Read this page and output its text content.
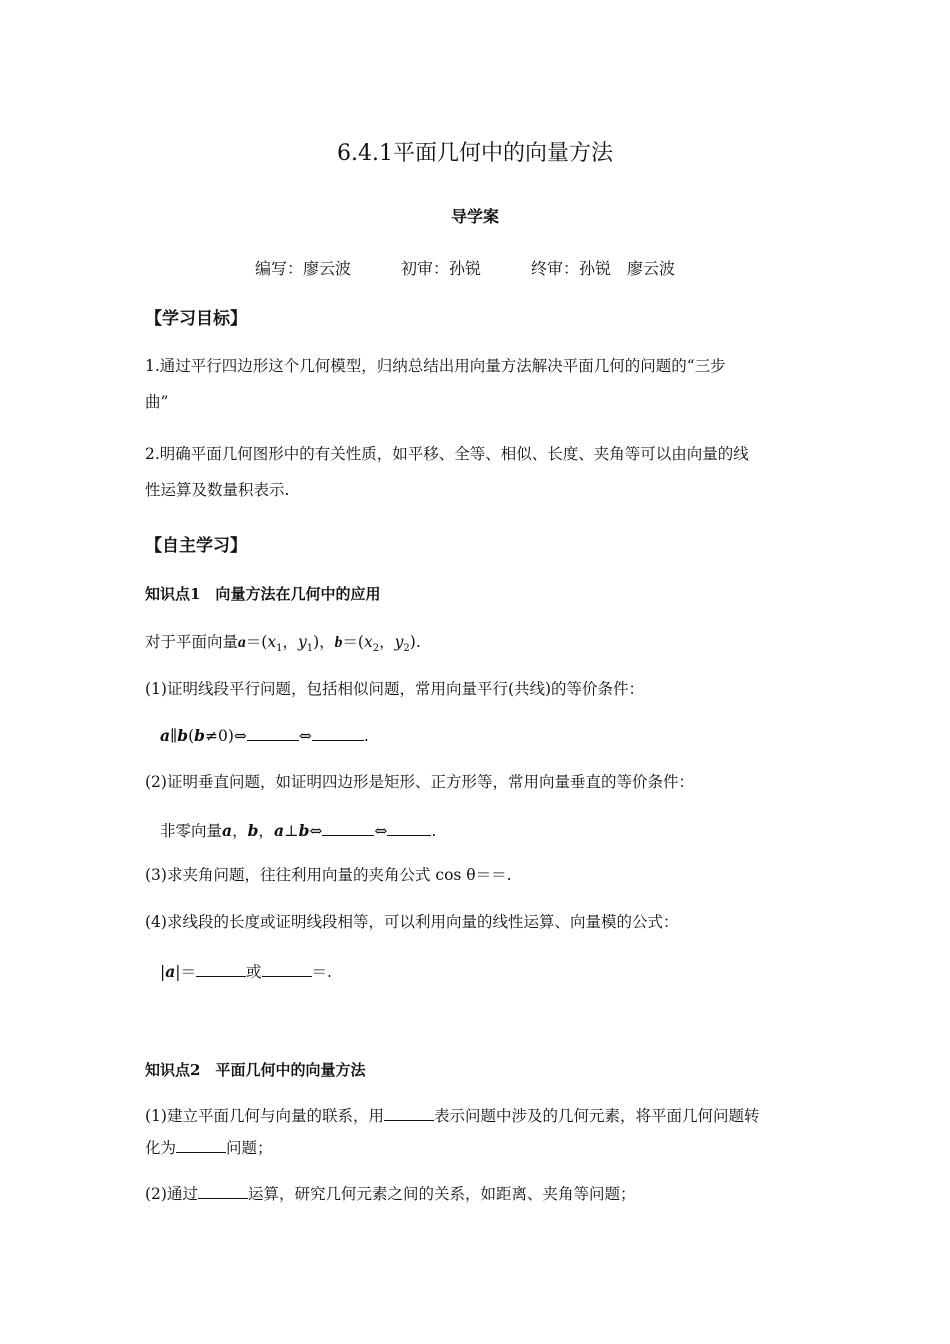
6.4.1平面几何中的向量方法
导学案
编写：廖云波	初审：孙锐	终审：孙锐　廖云波
【学习目标】
1.通过平行四边形这个几何模型，归纳总结出用向量方法解决平面几何的问题的“三步
曲”
2.明确平面几何图形中的有关性质，如平移、全等、相似、长度、夹角等可以由向量的线
性运算及数量积表示.
【自主学习】
知识点1　向量方法在几何中的应用
对于平面向量$a=(x_1$，$y_1$)，$b=(x_2$，$y_2$).
(1)证明线段平行问题，包括相似问题，常用向量平行(共线)的等价条件：
a∥b(b≠0)⇔	⇔	.
(2)证明垂直问题，如证明四边形是矩形、正方形等，常用向量垂直的等价条件：
非零向量a，b，a⊥b⇔	⇔	.
(3)求夹角问题，往往利用向量的夹角公式 cos θ＝＝.
(4)求线段的长度或证明线段相等，可以利用向量的线性运算、向量模的公式：
|a|＝	或	＝.
知识点2　平面几何中的向量方法
(1)建立平面几何与向量的联系，用	表示问题中涉及的几何元素，将平面几何问题转
化为	问题；
(2)通过	运算，研究几何元素之间的关系，如距离、夹角等问题；
